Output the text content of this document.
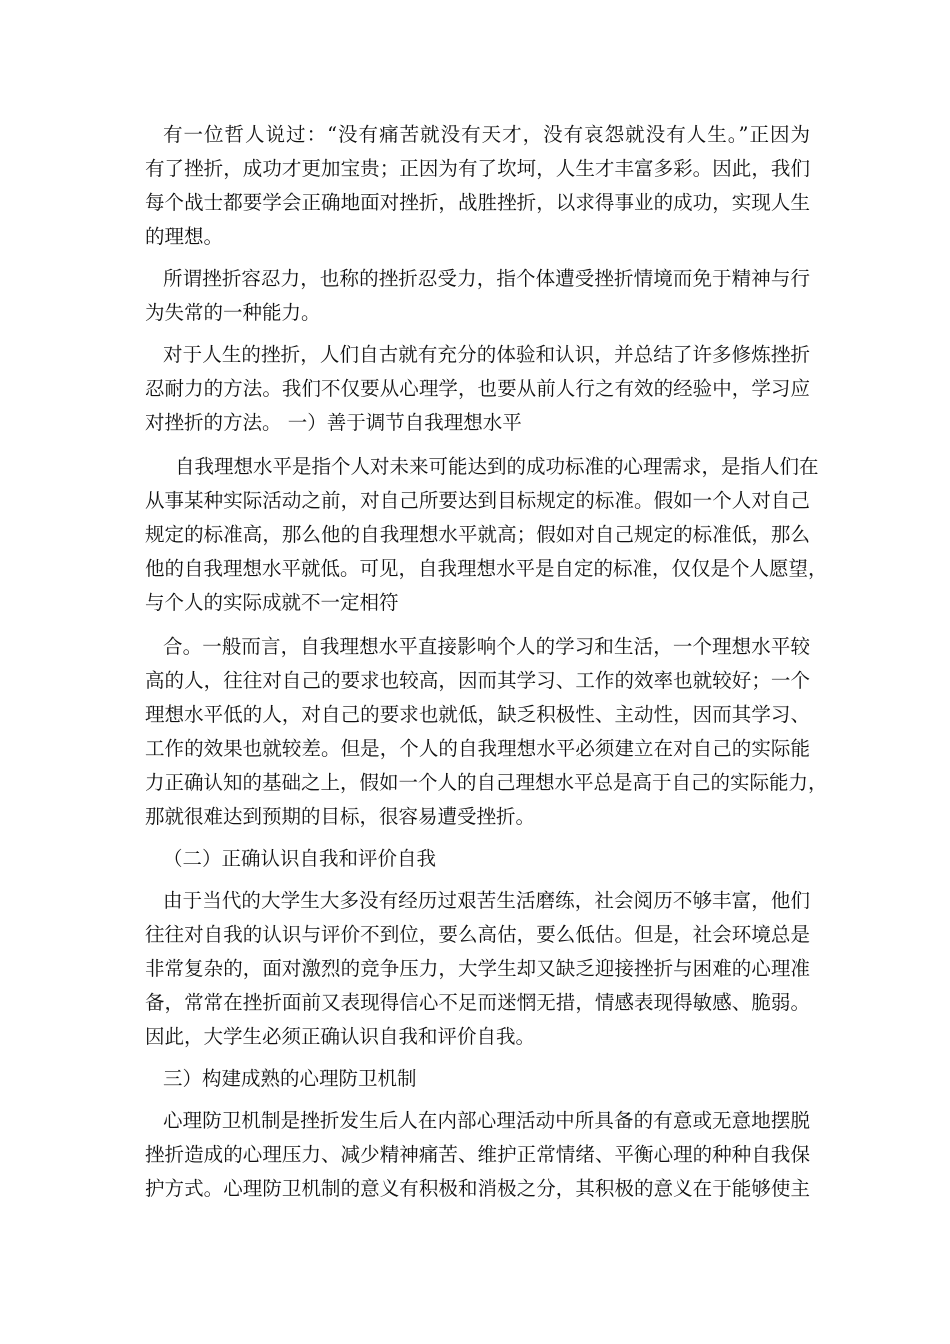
有一位哲人说过：“没有痛苦就没有天才，没有哀怨就没有人生。”正因为
有了挫折，成功才更加宝贵；正因为有了坎坷，人生才丰富多彩。因此，我们
每个战士都要学会正确地面对挫折，战胜挫折，以求得事业的成功，实现人生
的理想。
所谓挫折容忍力，也称的挫折忍受力，指个体遭受挫折情境而免于精神与行
为失常的一种能力。
对于人生的挫折，人们自古就有充分的体验和认识，并总结了许多修炼挫折
忍耐力的方法。我们不仅要从心理学，也要从前人行之有效的经验中，学习应
对挫折的方法。 一）善于调节自我理想水平
自我理想水平是指个人对未来可能达到的成功标准的心理需求，是指人们在
从事某种实际活动之前，对自己所要达到目标规定的标准。假如一个人对自己
规定的标准高，那么他的自我理想水平就高；假如对自己规定的标准低，那么
他的自我理想水平就低。可见，自我理想水平是自定的标准，仅仅是个人愿望，
与个人的实际成就不一定相符
合。一般而言，自我理想水平直接影响个人的学习和生活，一个理想水平较
高的人，往往对自己的要求也较高，因而其学习、工作的效率也就较好；一个
理想水平低的人，对自己的要求也就低，缺乏积极性、主动性，因而其学习、
工作的效果也就较差。但是，个人的自我理想水平必须建立在对自己的实际能
力正确认知的基础之上，假如一个人的自己理想水平总是高于自己的实际能力，
那就很难达到预期的目标，很容易遭受挫折。
（二）正确认识自我和评价自我
由于当代的大学生大多没有经历过艰苦生活磨练，社会阅历不够丰富，他们
往往对自我的认识与评价不到位，要么高估，要么低估。但是，社会环境总是
非常复杂的，面对激烈的竞争压力，大学生却又缺乏迎接挫折与困难的心理准
备，常常在挫折面前又表现得信心不足而迷惘无措，情感表现得敏感、脆弱。
因此，大学生必须正确认识自我和评价自我。
三）构建成熟的心理防卫机制
心理防卫机制是挫折发生后人在内部心理活动中所具备的有意或无意地摆脱
挫折造成的心理压力、减少精神痛苦、维护正常情绪、平衡心理的种种自我保
护方式。心理防卫机制的意义有积极和消极之分，其积极的意义在于能够使主
